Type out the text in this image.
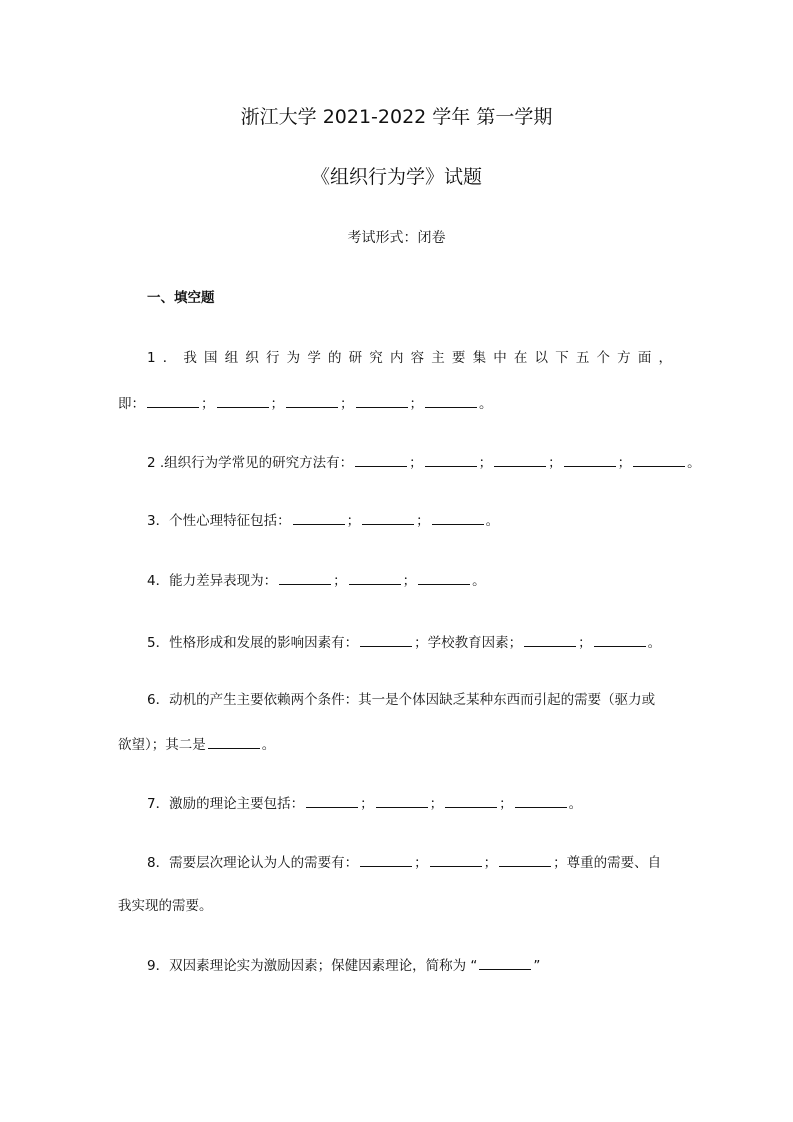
浙江大学 2021-2022 学年 第一学期
《组织行为学》试题
考试形式：闭卷
一、填空题
1．我国组织行为学的研究内容主要集中在以下五个方面，
即：	；	；	；	；	。
2 .组织行为学常见的研究方法有：	；	；	；	；	。
3．个性心理特征包括：	；	；	。
4．能力差异表现为：	；	；	。
5．性格形成和发展的影响因素有：	；学校教育因素；	；	。
6．动机的产生主要依赖两个条件：其一是个体因缺乏某种东西而引起的需要（驱力或
欲望）；其二是	。
7．激励的理论主要包括：	；	；	；	。
8．需要层次理论认为人的需要有：	；	；	；尊重的需要、自
我实现的需要。
9．双因素理论实为激励因素；保健因素理论，简称为 “	”
